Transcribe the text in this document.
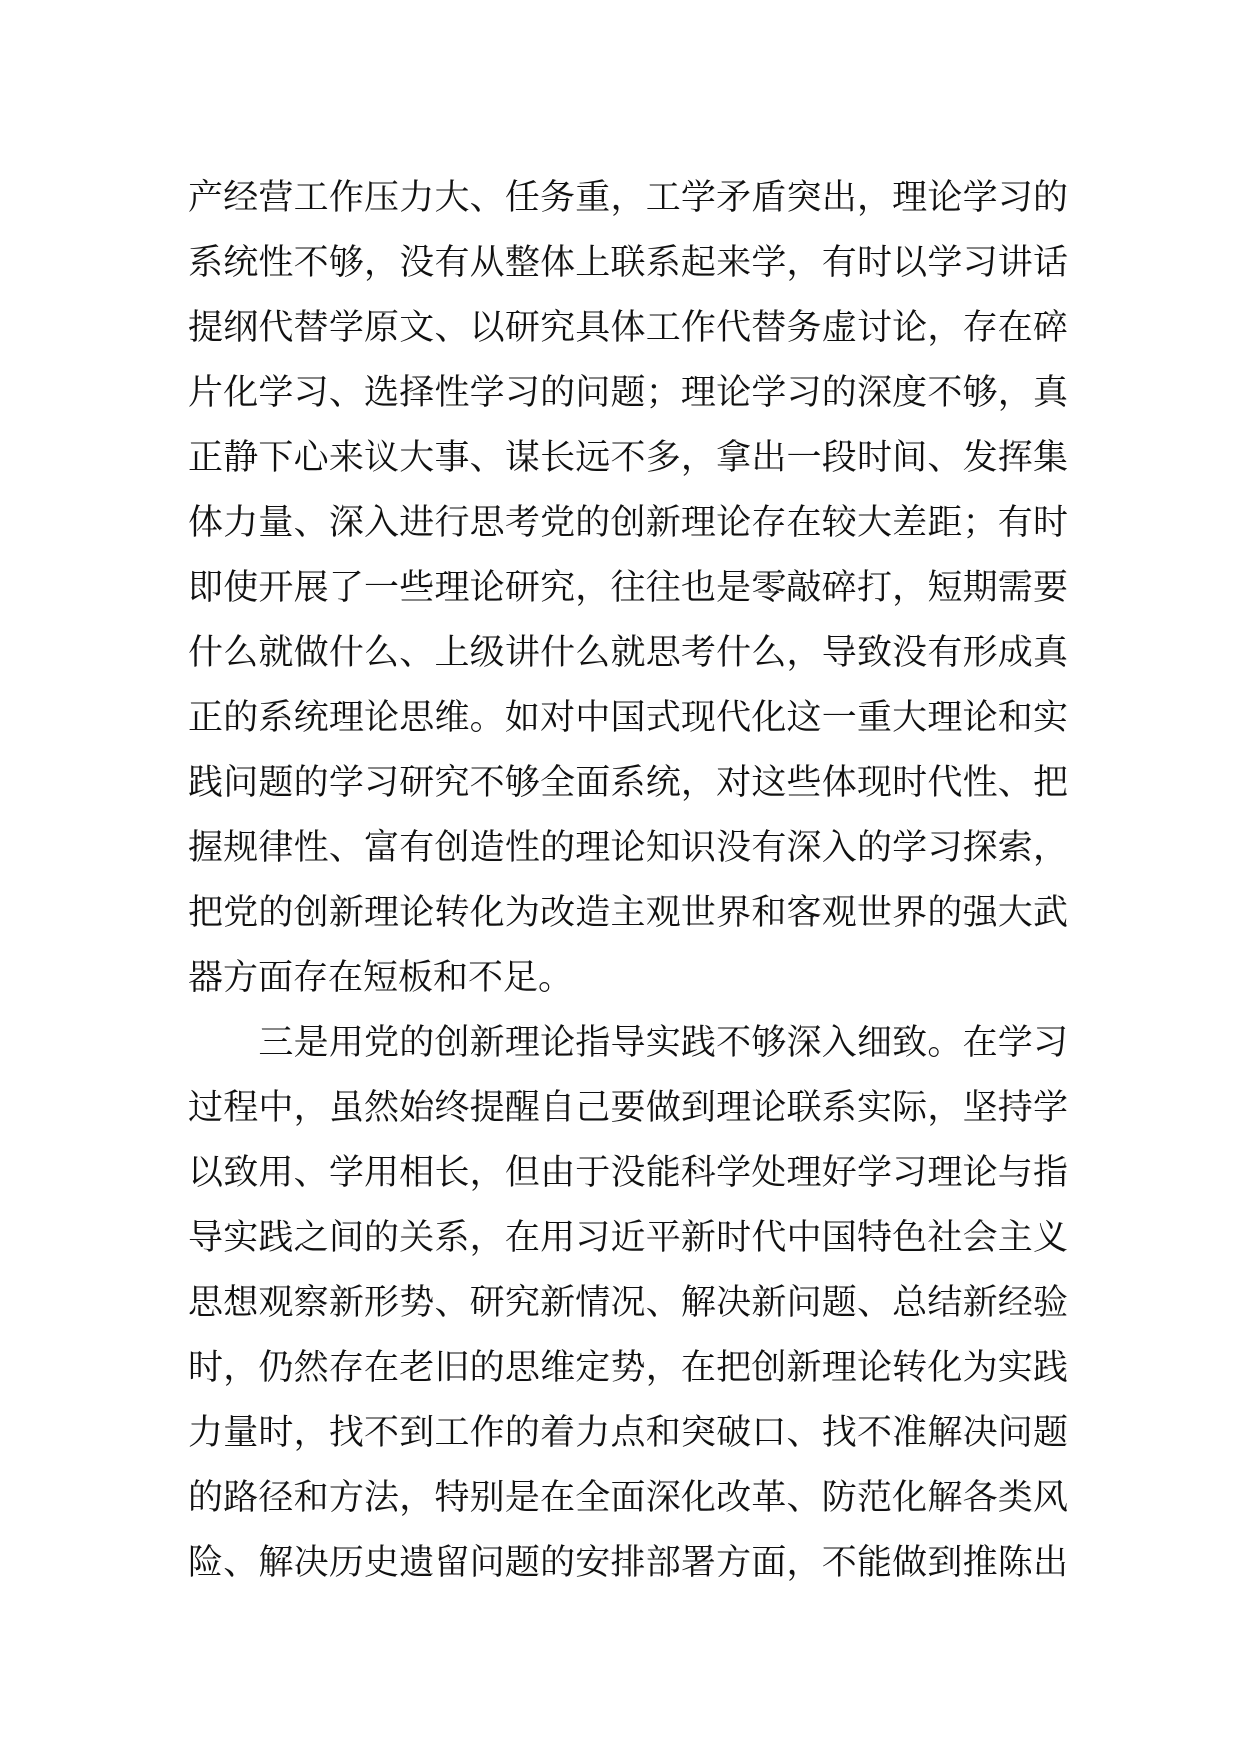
产经营工作压力大、任务重，工学矛盾突出，理论学习的
系统性不够，没有从整体上联系起来学，有时以学习讲话
提纲代替学原文、以研究具体工作代替务虚讨论，存在碎
片化学习、选择性学习的问题；理论学习的深度不够，真
正静下心来议大事、谋长远不多，拿出一段时间、发挥集
体力量、深入进行思考党的创新理论存在较大差距；有时
即使开展了一些理论研究，往往也是零敲碎打，短期需要
什么就做什么、上级讲什么就思考什么，导致没有形成真
正的系统理论思维。如对中国式现代化这一重大理论和实
践问题的学习研究不够全面系统，对这些体现时代性、把
握规律性、富有创造性的理论知识没有深入的学习探索，
把党的创新理论转化为改造主观世界和客观世界的强大武
器方面存在短板和不足。
　　三是用党的创新理论指导实践不够深入细致。在学习
过程中，虽然始终提醒自己要做到理论联系实际，坚持学
以致用、学用相长，但由于没能科学处理好学习理论与指
导实践之间的关系，在用习近平新时代中国特色社会主义
思想观察新形势、研究新情况、解决新问题、总结新经验
时，仍然存在老旧的思维定势，在把创新理论转化为实践
力量时，找不到工作的着力点和突破口、找不准解决问题
的路径和方法，特别是在全面深化改革、防范化解各类风
险、解决历史遗留问题的安排部署方面，不能做到推陈出
